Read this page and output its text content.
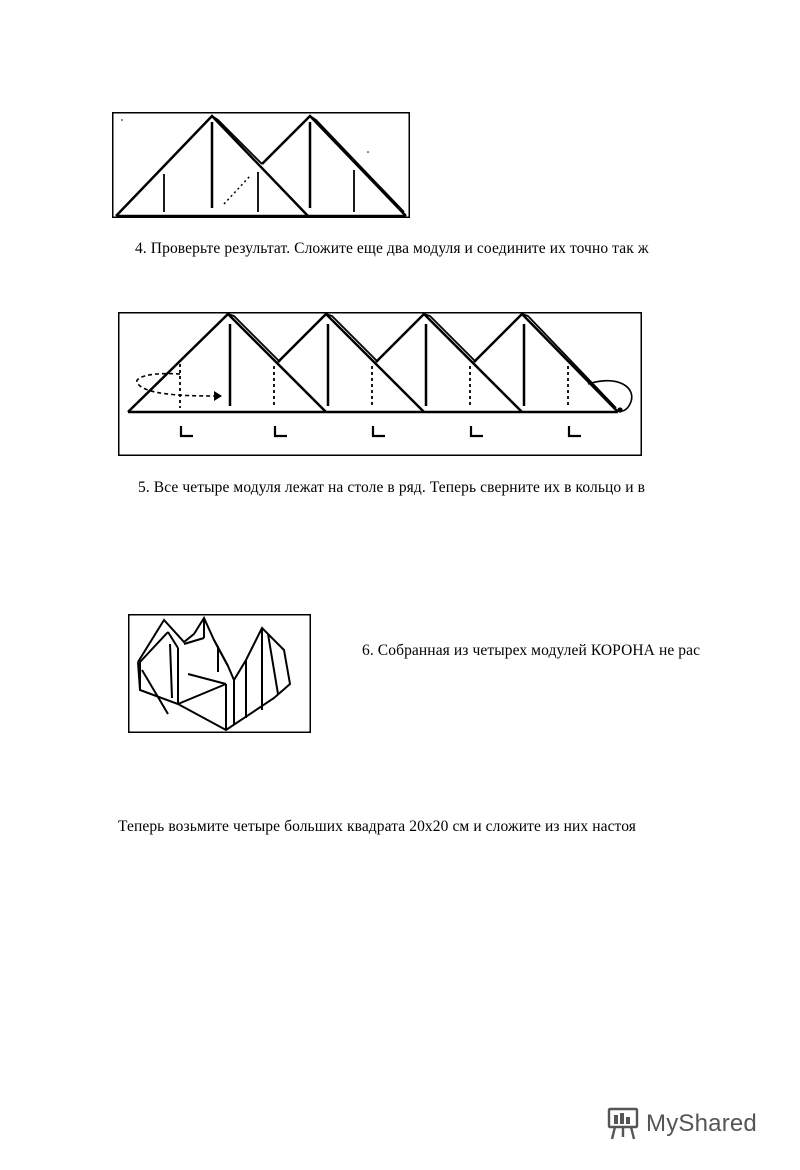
4. Проверьте результат. Сложите еще два модуля и соедините их точно так ж
5. Все четыре модуля лежат на столе в ряд. Теперь сверните их в кольцо и в
6. Собранная из четырех модулей КОРОНА не рас
Теперь возьмите четыре больших квадрата 20х20 см и сложите из них настоя
MyShared
